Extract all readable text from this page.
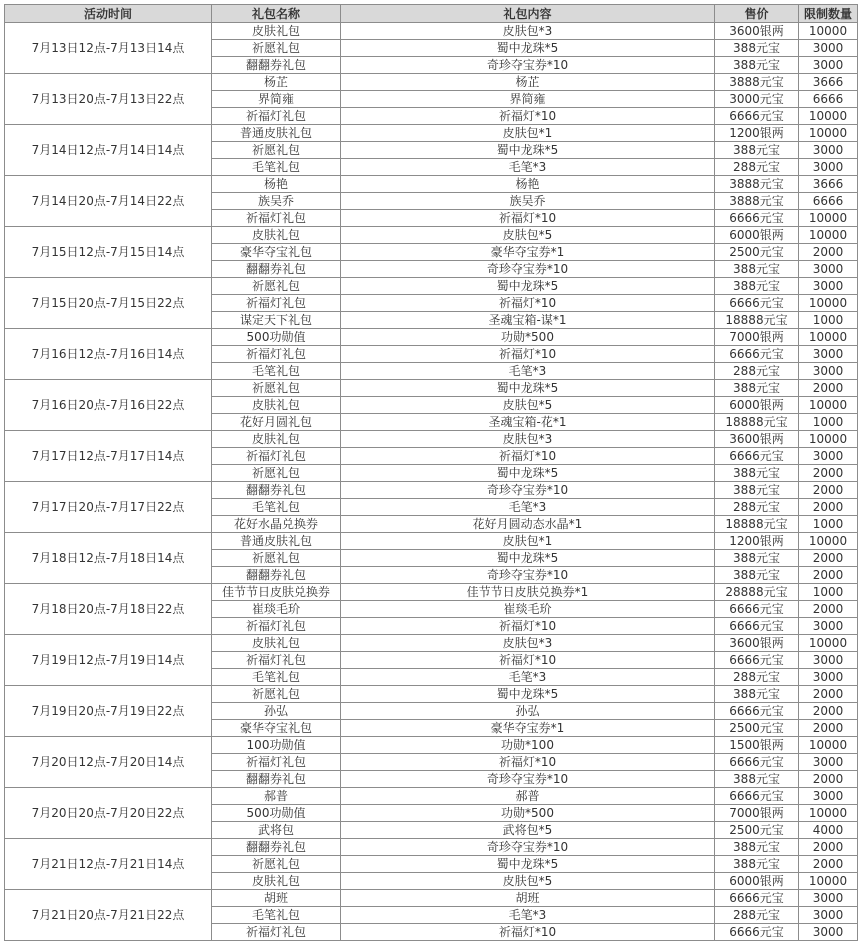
活动时间	礼包名称	礼包内容	售价	限制数量
7月13日12点-7月13日14点	皮肤礼包	皮肤包*3	3600银两	10000
	祈愿礼包	蜀中龙珠*5	388元宝	3000
	翻翻券礼包	奇珍夺宝券*10	388元宝	3000
7月13日20点-7月13日22点	杨芷	杨芷	3888元宝	3666
	界简雍	界简雍	3000元宝	6666
	祈福灯礼包	祈福灯*10	6666元宝	10000
7月14日12点-7月14日14点	普通皮肤礼包	皮肤包*1	1200银两	10000
	祈愿礼包	蜀中龙珠*5	388元宝	3000
	毛笔礼包	毛笔*3	288元宝	3000
7月14日20点-7月14日22点	杨艳	杨艳	3888元宝	3666
	族吴乔	族吴乔	3888元宝	6666
	祈福灯礼包	祈福灯*10	6666元宝	10000
7月15日12点-7月15日14点	皮肤礼包	皮肤包*5	6000银两	10000
	豪华夺宝礼包	豪华夺宝券*1	2500元宝	2000
	翻翻券礼包	奇珍夺宝券*10	388元宝	3000
7月15日20点-7月15日22点	祈愿礼包	蜀中龙珠*5	388元宝	3000
	祈福灯礼包	祈福灯*10	6666元宝	10000
	谋定天下礼包	圣魂宝箱-谋*1	18888元宝	1000
7月16日12点-7月16日14点	500功勋值	功勋*500	7000银两	10000
	祈福灯礼包	祈福灯*10	6666元宝	3000
	毛笔礼包	毛笔*3	288元宝	3000
7月16日20点-7月16日22点	祈愿礼包	蜀中龙珠*5	388元宝	2000
	皮肤礼包	皮肤包*5	6000银两	10000
	花好月圆礼包	圣魂宝箱-花*1	18888元宝	1000
7月17日12点-7月17日14点	皮肤礼包	皮肤包*3	3600银两	10000
	祈福灯礼包	祈福灯*10	6666元宝	3000
	祈愿礼包	蜀中龙珠*5	388元宝	2000
7月17日20点-7月17日22点	翻翻券礼包	奇珍夺宝券*10	388元宝	2000
	毛笔礼包	毛笔*3	288元宝	2000
	花好水晶兑换券	花好月圆动态水晶*1	18888元宝	1000
7月18日12点-7月18日14点	普通皮肤礼包	皮肤包*1	1200银两	10000
	祈愿礼包	蜀中龙珠*5	388元宝	2000
	翻翻券礼包	奇珍夺宝券*10	388元宝	2000
7月18日20点-7月18日22点	佳节节日皮肤兑换券	佳节节日皮肤兑换券*1	28888元宝	1000
	崔琰毛玠	崔琰毛玠	6666元宝	2000
	祈福灯礼包	祈福灯*10	6666元宝	3000
7月19日12点-7月19日14点	皮肤礼包	皮肤包*3	3600银两	10000
	祈福灯礼包	祈福灯*10	6666元宝	3000
	毛笔礼包	毛笔*3	288元宝	3000
7月19日20点-7月19日22点	祈愿礼包	蜀中龙珠*5	388元宝	2000
	孙弘	孙弘	6666元宝	2000
	豪华夺宝礼包	豪华夺宝券*1	2500元宝	2000
7月20日12点-7月20日14点	100功勋值	功勋*100	1500银两	10000
	祈福灯礼包	祈福灯*10	6666元宝	3000
	翻翻券礼包	奇珍夺宝券*10	388元宝	2000
7月20日20点-7月20日22点	郝普	郝普	6666元宝	3000
	500功勋值	功勋*500	7000银两	10000
	武将包	武将包*5	2500元宝	4000
7月21日12点-7月21日14点	翻翻券礼包	奇珍夺宝券*10	388元宝	2000
	祈愿礼包	蜀中龙珠*5	388元宝	2000
	皮肤礼包	皮肤包*5	6000银两	10000
7月21日20点-7月21日22点	胡班	胡班	6666元宝	3000
	毛笔礼包	毛笔*3	288元宝	3000
	祈福灯礼包	祈福灯*10	6666元宝	3000
